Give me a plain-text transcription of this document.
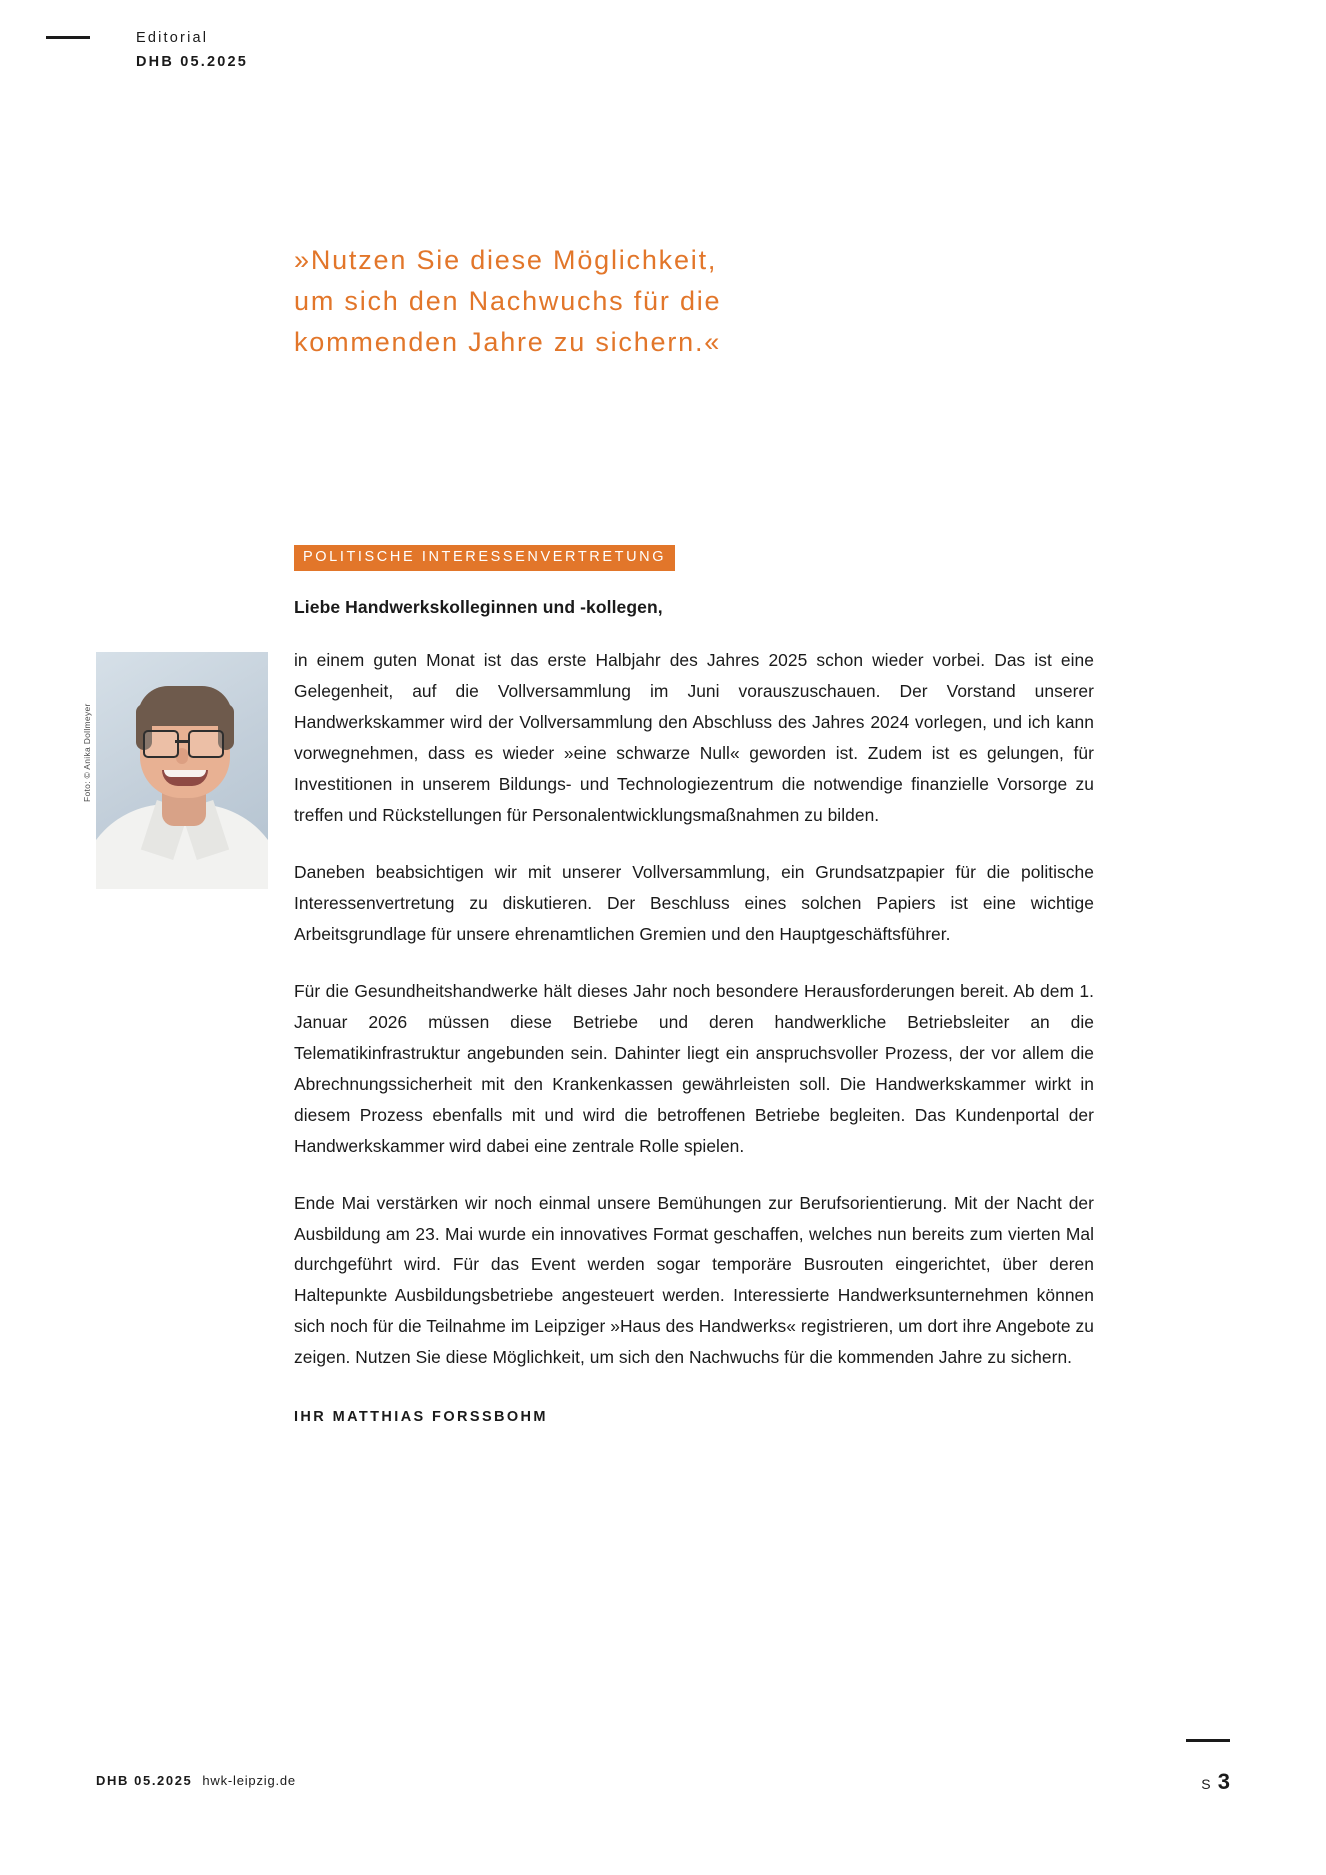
Editorial
DHB 05.2025
»Nutzen Sie diese Möglichkeit,
um sich den Nachwuchs für die
kommenden Jahre zu sichern.«
POLITISCHE INTERESSENVERTRETUNG
Liebe Handwerkskolleginnen und -kollegen,
Foto: © Anika Dollmeyer

in einem guten Monat ist das erste Halbjahr des Jahres 2025 schon wieder vorbei. Das ist eine Gelegenheit, auf die Vollversammlung im Juni vorauszuschauen. Der Vorstand unserer Handwerkskammer wird der Vollversammlung den Abschluss des Jahres 2024 vorlegen, und ich kann vorwegnehmen, dass es wieder »eine schwarze Null« geworden ist. Zudem ist es gelungen, für Investitionen in unserem Bildungs- und Technologiezentrum die notwendige finanzielle Vorsorge zu treffen und Rückstellungen für Personalentwicklungsmaßnahmen zu bilden.

Daneben beabsichtigen wir mit unserer Vollversammlung, ein Grundsatzpapier für die politische Interessenvertretung zu diskutieren. Der Beschluss eines solchen Papiers ist eine wichtige Arbeitsgrundlage für unsere ehrenamtlichen Gremien und den Hauptgeschäftsführer.

Für die Gesundheitshandwerke hält dieses Jahr noch besondere Herausforderungen bereit. Ab dem 1. Januar 2026 müssen diese Betriebe und deren handwerkliche Betriebsleiter an die Telematikinfrastruktur angebunden sein. Dahinter liegt ein anspruchsvoller Prozess, der vor allem die Abrechnungssicherheit mit den Krankenkassen gewährleisten soll. Die Handwerkskammer wirkt in diesem Prozess ebenfalls mit und wird die betroffenen Betriebe begleiten. Das Kundenportal der Handwerkskammer wird dabei eine zentrale Rolle spielen.

Ende Mai verstärken wir noch einmal unsere Bemühungen zur Berufsorientierung. Mit der Nacht der Ausbildung am 23. Mai wurde ein innovatives Format geschaffen, welches nun bereits zum vierten Mal durchgeführt wird. Für das Event werden sogar temporäre Busrouten eingerichtet, über deren Haltepunkte Ausbildungsbetriebe angesteuert werden. Interessierte Handwerksunternehmen können sich noch für die Teilnahme im Leipziger »Haus des Handwerks« registrieren, um dort ihre Angebote zu zeigen. Nutzen Sie diese Möglichkeit, um sich den Nachwuchs für die kommenden Jahre zu sichern.

IHR MATTHIAS FORSSBOHM
DHB 05.2025 hwk-leipzig.de	S 3
